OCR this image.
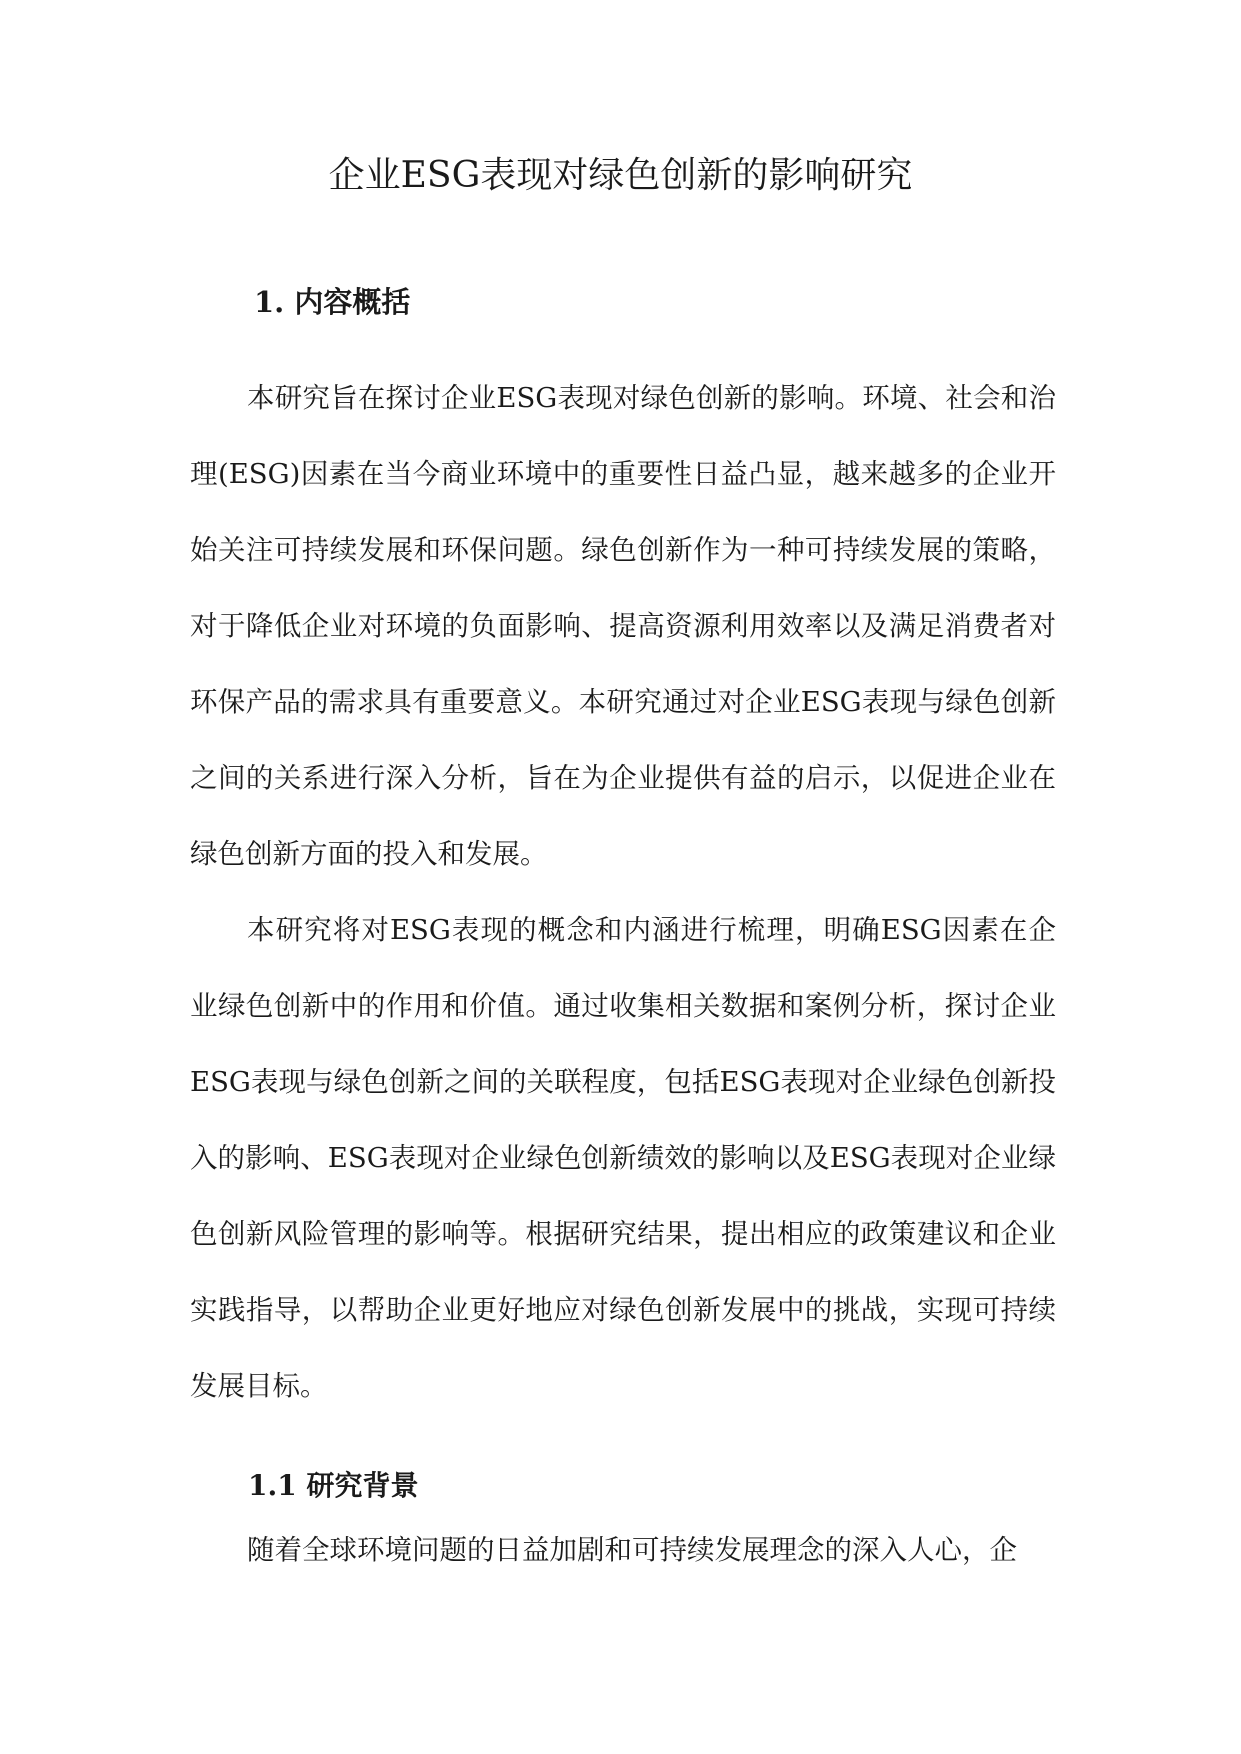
企业ESG表现对绿色创新的影响研究
1. 内容概括

本研究旨在探讨企业ESG表现对绿色创新的影响。环境、社会和治理(ESG)因素在当今商业环境中的重要性日益凸显，越来越多的企业开始关注可持续发展和环保问题。绿色创新作为一种可持续发展的策略，对于降低企业对环境的负面影响、提高资源利用效率以及满足消费者对环保产品的需求具有重要意义。本研究通过对企业ESG表现与绿色创新之间的关系进行深入分析，旨在为企业提供有益的启示，以促进企业在绿色创新方面的投入和发展。

本研究将对ESG表现的概念和内涵进行梳理，明确ESG因素在企业绿色创新中的作用和价值。通过收集相关数据和案例分析，探讨企业ESG表现与绿色创新之间的关联程度，包括ESG表现对企业绿色创新投入的影响、ESG表现对企业绿色创新绩效的影响以及ESG表现对企业绿色创新风险管理的影响等。根据研究结果，提出相应的政策建议和企业实践指导，以帮助企业更好地应对绿色创新发展中的挑战，实现可持续发展目标。

1.1 研究背景

随着全球环境问题的日益加剧和可持续发展理念的深入人心，企
